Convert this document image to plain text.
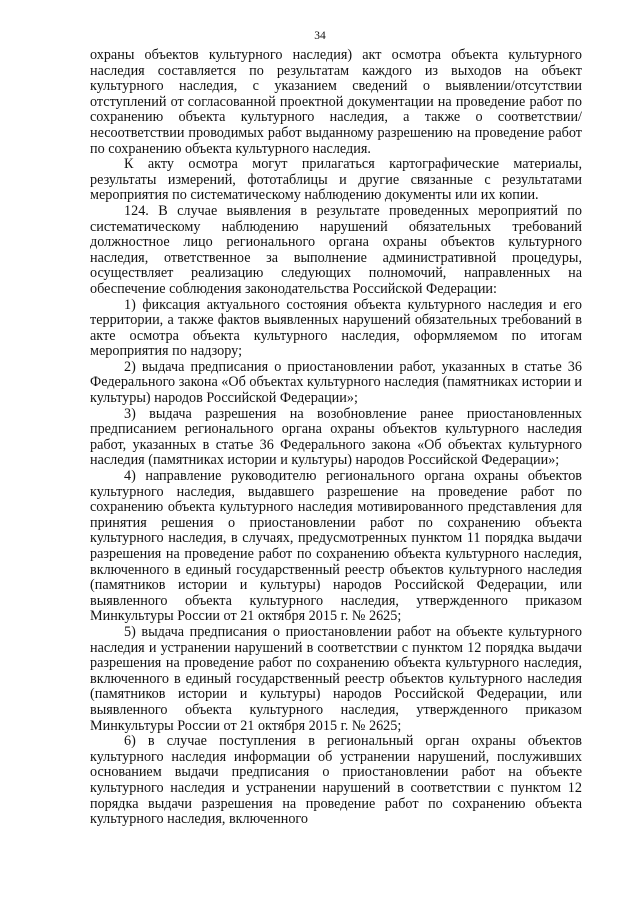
34

охраны объектов культурного наследия) акт осмотра объекта культурного наследия составляется по результатам каждого из выходов на объект культурного наследия, с указанием сведений о выявлении/отсутствии отступлений от согласованной проектной документации на проведение работ по сохранению объекта культурного наследия, а также о соответствии/несоответствии проводимых работ выданному разрешению на проведение работ по сохранению объекта культурного наследия.

К акту осмотра могут прилагаться картографические материалы, результаты измерений, фототаблицы и другие связанные с результатами мероприятия по систематическому наблюдению документы или их копии.

124. В случае выявления в результате проведенных мероприятий по систематическому наблюдению нарушений обязательных требований должностное лицо регионального органа охраны объектов культурного наследия, ответственное за выполнение административной процедуры, осуществляет реализацию следующих полномочий, направленных на обеспечение соблюдения законодательства Российской Федерации:

1) фиксация актуального состояния объекта культурного наследия и его территории, а также фактов выявленных нарушений обязательных требований в акте осмотра объекта культурного наследия, оформляемом по итогам мероприятия по надзору;

2) выдача предписания о приостановлении работ, указанных в статье 36 Федерального закона «Об объектах культурного наследия (памятниках истории и культуры) народов Российской Федерации»;

3) выдача разрешения на возобновление ранее приостановленных предписанием регионального органа охраны объектов культурного наследия работ, указанных в статье 36 Федерального закона «Об объектах культурного наследия (памятниках истории и культуры) народов Российской Федерации»;

4) направление руководителю регионального органа охраны объектов культурного наследия, выдавшего разрешение на проведение работ по сохранению объекта культурного наследия мотивированного представления для принятия решения о приостановлении работ по сохранению объекта культурного наследия, в случаях, предусмотренных пунктом 11 порядка выдачи разрешения на проведение работ по сохранению объекта культурного наследия, включенного в единый государственный реестр объектов культурного наследия (памятников истории и культуры) народов Российской Федерации, или выявленного объекта культурного наследия, утвержденного приказом Минкультуры России от 21 октября 2015 г. № 2625;

5) выдача предписания о приостановлении работ на объекте культурного наследия и устранении нарушений в соответствии с пунктом 12 порядка выдачи разрешения на проведение работ по сохранению объекта культурного наследия, включенного в единый государственный реестр объектов культурного наследия (памятников истории и культуры) народов Российской Федерации, или выявленного объекта культурного наследия, утвержденного приказом Минкультуры России от 21 октября 2015 г. № 2625;

6) в случае поступления в региональный орган охраны объектов культурного наследия информации об устранении нарушений, послуживших основанием выдачи предписания о приостановлении работ на объекте культурного наследия и устранении нарушений в соответствии с пунктом 12 порядка выдачи разрешения на проведение работ по сохранению объекта культурного наследия, включенного
